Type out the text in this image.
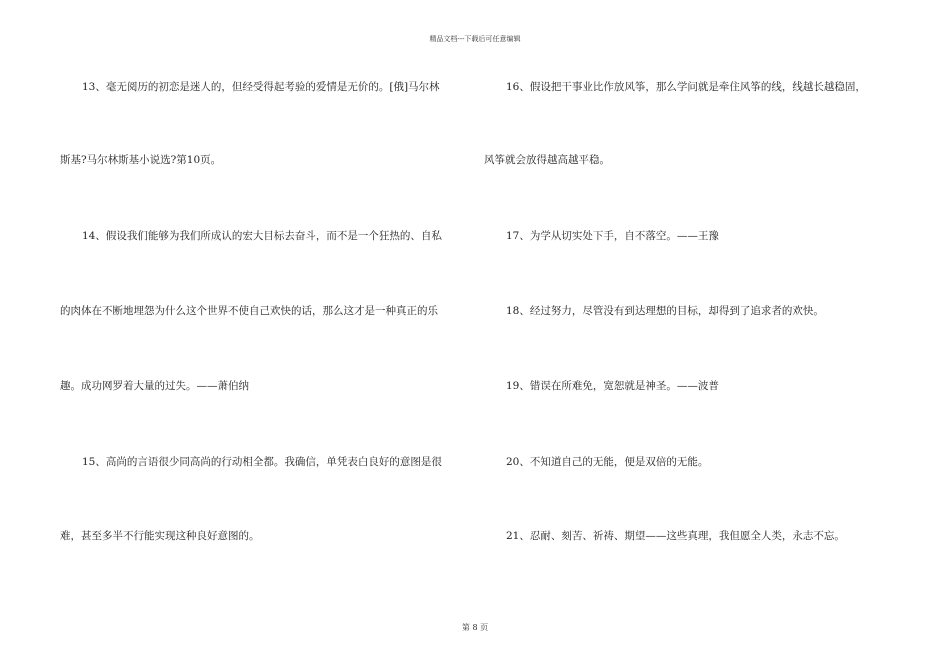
精品文档---下载后可任意编辑
13、毫无阅历的初恋是迷人的，但经受得起考验的爱情是无价的。[俄]马尔林
斯基?马尔林斯基小说选?第10页。
14、假设我们能够为我们所成认的宏大目标去奋斗，而不是一个狂热的、自私
的肉体在不断地埋怨为什么这个世界不使自己欢快的话，那么这才是一种真正的乐
趣。成功网罗着大量的过失。——萧伯纳
15、高尚的言语很少同高尚的行动相全都。我确信，单凭表白良好的意图是很
难，甚至多半不行能实现这种良好意图的。
16、假设把干事业比作放风筝，那么学问就是牵住风筝的线，线越长越稳固，
风筝就会放得越高越平稳。
17、为学从切实处下手，自不落空。——王豫
18、经过努力，尽管没有到达理想的目标，却得到了追求者的欢快。
19、错误在所难免，宽恕就是神圣。——波普
20、不知道自己的无能，便是双倍的无能。
21、忍耐、刻苦、祈祷、期望——这些真理，我但愿全人类，永志不忘。
第 8 页
